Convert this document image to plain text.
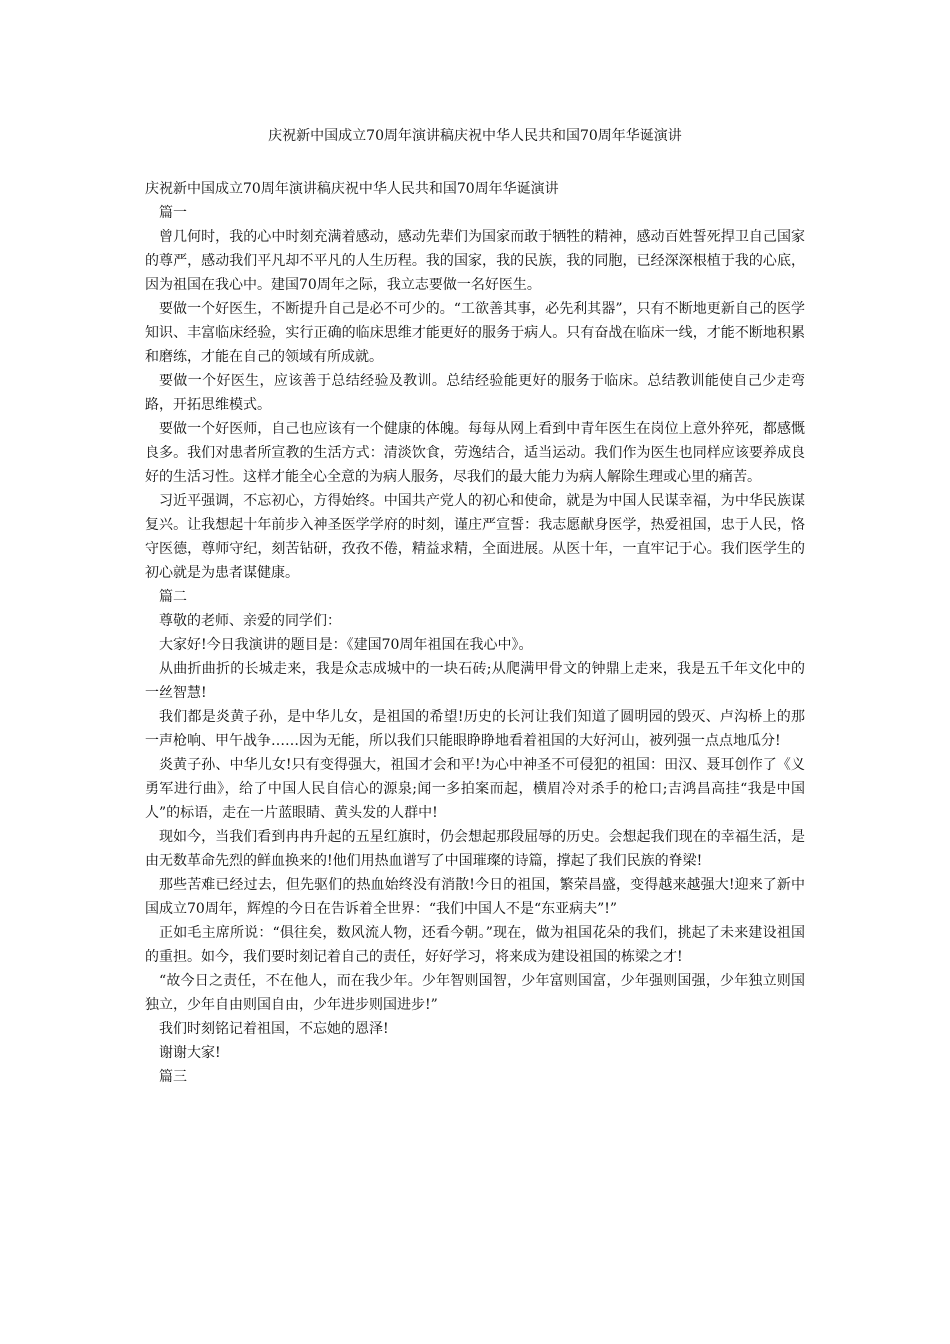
庆祝新中国成立70周年演讲稿庆祝中华人民共和国70周年华诞演讲
庆祝新中国成立70周年演讲稿庆祝中华人民共和国70周年华诞演讲

篇一

曾几何时，我的心中时刻充满着感动，感动先辈们为国家而敢于牺牲的精神，感动百姓誓死捍卫自己国家的尊严，感动我们平凡却不平凡的人生历程。我的国家，我的民族，我的同胞，已经深深根植于我的心底，因为祖国在我心中。建国70周年之际，我立志要做一名好医生。

要做一个好医生，不断提升自己是必不可少的。“工欲善其事，必先利其器”，只有不断地更新自己的医学知识、丰富临床经验，实行正确的临床思维才能更好的服务于病人。只有奋战在临床一线，才能不断地积累和磨练，才能在自己的领域有所成就。

要做一个好医生，应该善于总结经验及教训。总结经验能更好的服务于临床。总结教训能使自己少走弯路，开拓思维模式。

要做一个好医师，自己也应该有一个健康的体魄。每每从网上看到中青年医生在岗位上意外猝死，都感慨良多。我们对患者所宣教的生活方式：清淡饮食，劳逸结合，适当运动。我们作为医生也同样应该要养成良好的生活习性。这样才能全心全意的为病人服务，尽我们的最大能力为病人解除生理或心里的痛苦。

习近平强调，不忘初心，方得始终。中国共产党人的初心和使命，就是为中国人民谋幸福，为中华民族谋复兴。让我想起十年前步入神圣医学学府的时刻，谨庄严宣誓：我志愿献身医学，热爱祖国，忠于人民，恪守医德，尊师守纪，刻苦钻研，孜孜不倦，精益求精，全面进展。从医十年，一直牢记于心。我们医学生的初心就是为患者谋健康。

篇二

尊敬的老师、亲爱的同学们：

大家好!今日我演讲的题目是：《建国70周年祖国在我心中》。

从曲折曲折的长城走来，我是众志成城中的一块石砖;从爬满甲骨文的钟鼎上走来，我是五千年文化中的一丝智慧!

我们都是炎黄子孙，是中华儿女，是祖国的希望!历史的长河让我们知道了圆明园的毁灭、卢沟桥上的那一声枪响、甲午战争……因为无能，所以我们只能眼睁睁地看着祖国的大好河山，被列强一点点地瓜分!

炎黄子孙、中华儿女!只有变得强大，祖国才会和平!为心中神圣不可侵犯的祖国：田汉、聂耳创作了《义勇军进行曲》，给了中国人民自信心的源泉;闻一多拍案而起，横眉冷对杀手的枪口;吉鸿昌高挂“我是中国人”的标语，走在一片蓝眼睛、黄头发的人群中!

现如今，当我们看到冉冉升起的五星红旗时，仍会想起那段屈辱的历史。会想起我们现在的幸福生活，是由无数革命先烈的鲜血换来的!他们用热血谱写了中国璀璨的诗篇，撑起了我们民族的脊梁!

那些苦难已经过去，但先驱们的热血始终没有消散!今日的祖国，繁荣昌盛，变得越来越强大!迎来了新中国成立70周年，辉煌的今日在告诉着全世界：“我们中国人不是“东亚病夫”!”

正如毛主席所说：“俱往矣，数风流人物，还看今朝。”现在，做为祖国花朵的我们，挑起了未来建设祖国的重担。如今，我们要时刻记着自己的责任，好好学习，将来成为建设祖国的栋梁之才!

“故今日之责任，不在他人，而在我少年。少年智则国智，少年富则国富，少年强则国强，少年独立则国独立，少年自由则国自由，少年进步则国进步!”

我们时刻铭记着祖国，不忘她的恩泽!

谢谢大家!

篇三
